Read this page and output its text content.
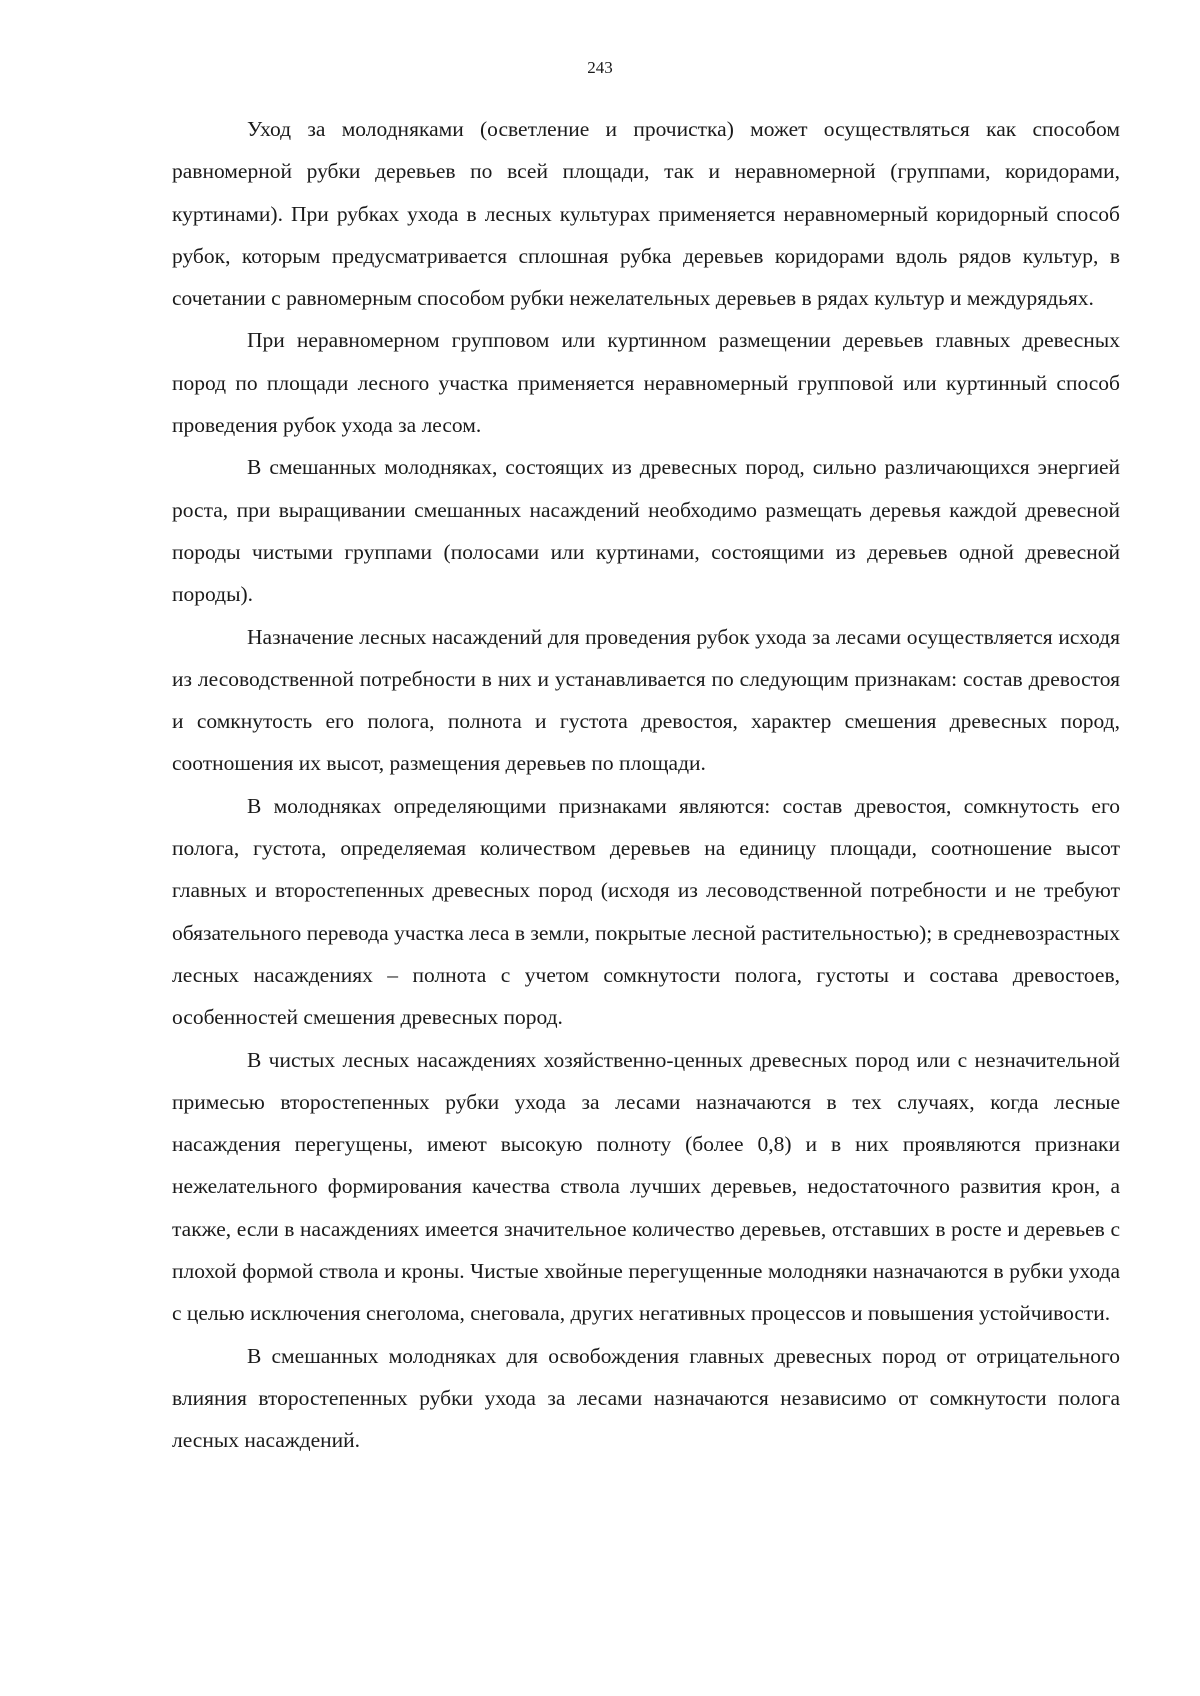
243

Уход за молодняками (осветление и прочистка) может осуществляться как способом равномерной рубки деревьев по всей площади, так и неравномерной (группами, коридорами, куртинами). При рубках ухода в лесных культурах применяется неравномерный коридорный способ рубок, которым предусматривается сплошная рубка деревьев коридорами вдоль рядов культур, в сочетании с равномерным способом рубки нежелательных деревьев в рядах культур и междурядьях.

При неравномерном групповом или куртинном размещении деревьев главных древесных пород по площади лесного участка применяется неравномерный групповой или куртинный способ проведения рубок ухода за лесом.

В смешанных молодняках, состоящих из древесных пород, сильно различающихся энергией роста, при выращивании смешанных насаждений необходимо размещать деревья каждой древесной породы чистыми группами (полосами или куртинами, состоящими из деревьев одной древесной породы).

Назначение лесных насаждений для проведения рубок ухода за лесами осуществляется исходя из лесоводственной потребности в них и устанавливается по следующим признакам: состав древостоя и сомкнутость его полога, полнота и густота древостоя, характер смешения древесных пород, соотношения их высот, размещения деревьев по площади.

В молодняках определяющими признаками являются: состав древостоя, сомкнутость его полога, густота, определяемая количеством деревьев на единицу площади, соотношение высот главных и второстепенных древесных пород (исходя из лесоводственной потребности и не требуют обязательного перевода участка леса в земли, покрытые лесной растительностью); в средневозрастных лесных насаждениях – полнота с учетом сомкнутости полога, густоты и состава древостоев, особенностей смешения древесных пород.

В чистых лесных насаждениях хозяйственно-ценных древесных пород или с незначительной примесью второстепенных рубки ухода за лесами назначаются в тех случаях, когда лесные насаждения перегущены, имеют высокую полноту (более 0,8) и в них проявляются признаки нежелательного формирования качества ствола лучших деревьев, недостаточного развития крон, а также, если в насаждениях имеется значительное количество деревьев, отставших в росте и деревьев с плохой формой ствола и кроны. Чистые хвойные перегущенные молодняки назначаются в рубки ухода с целью исключения снеголома, снеговала, других негативных процессов и повышения устойчивости.

В смешанных молодняках для освобождения главных древесных пород от отрицательного влияния второстепенных рубки ухода за лесами назначаются независимо от сомкнутости полога лесных насаждений.
